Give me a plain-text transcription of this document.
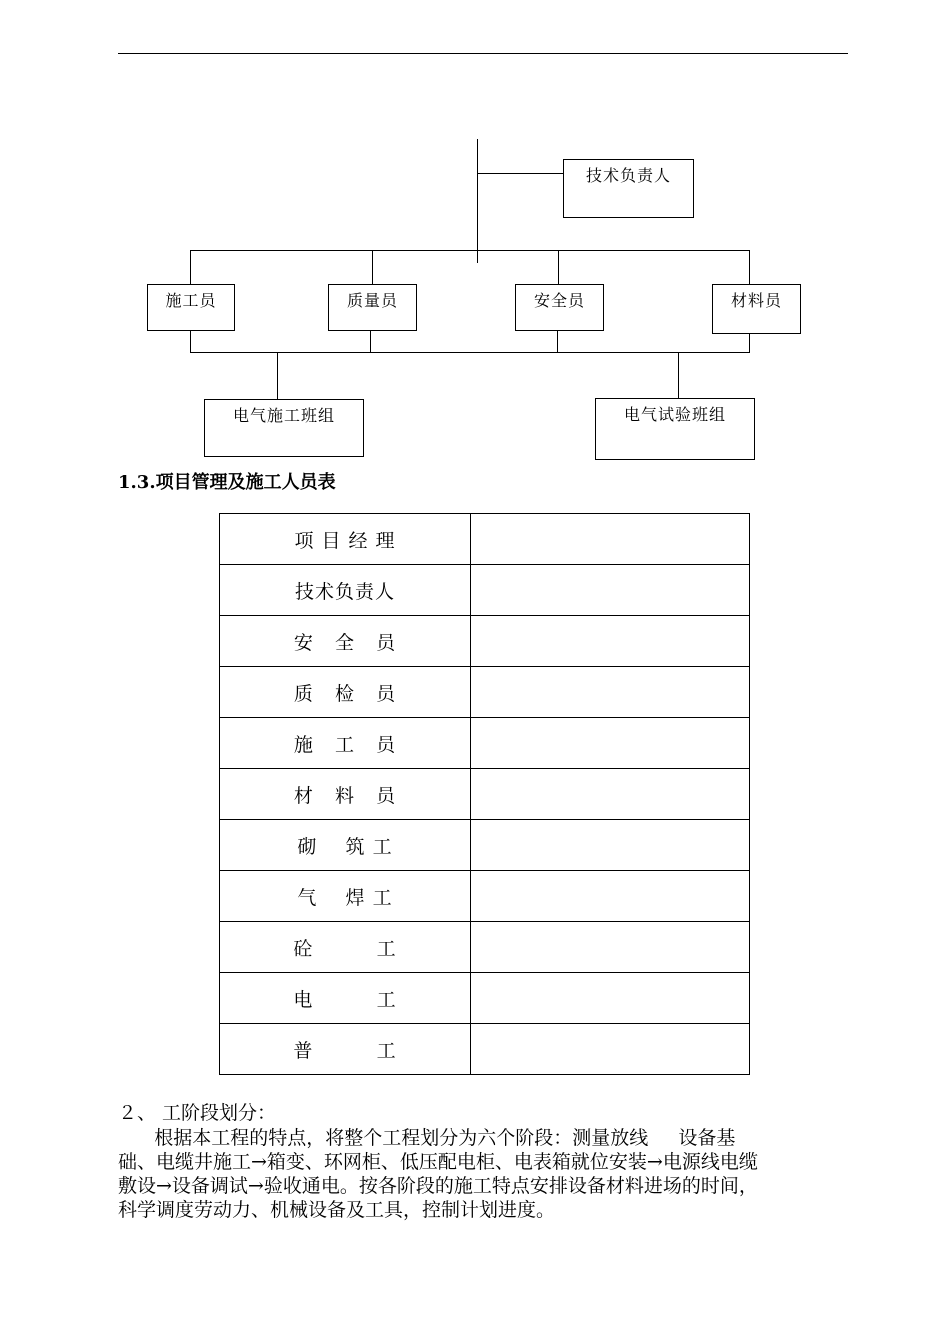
技术负责人
施工员	质量员	安全员	材料员
电气施工班组	电气试验班组
1.3.项目管理及施工人员表
项 目 经 理	
技术负责人	
安   全   员	
质   检   员	
施   工   员	
材   料   员	
砌    筑 工	
气    焊 工	
砼         工	
电         工	
普         工	
２、 工阶段划分：

根据本工程的特点，将整个工程划分为六个阶段：测量放线     设备基

础、电缆井施工→箱变、环网柜、低压配电柜、电表箱就位安装→电源线电缆

敷设→设备调试→验收通电。按各阶段的施工特点安排设备材料进场的时间，

科学调度劳动力、机械设备及工具，控制计划进度。
